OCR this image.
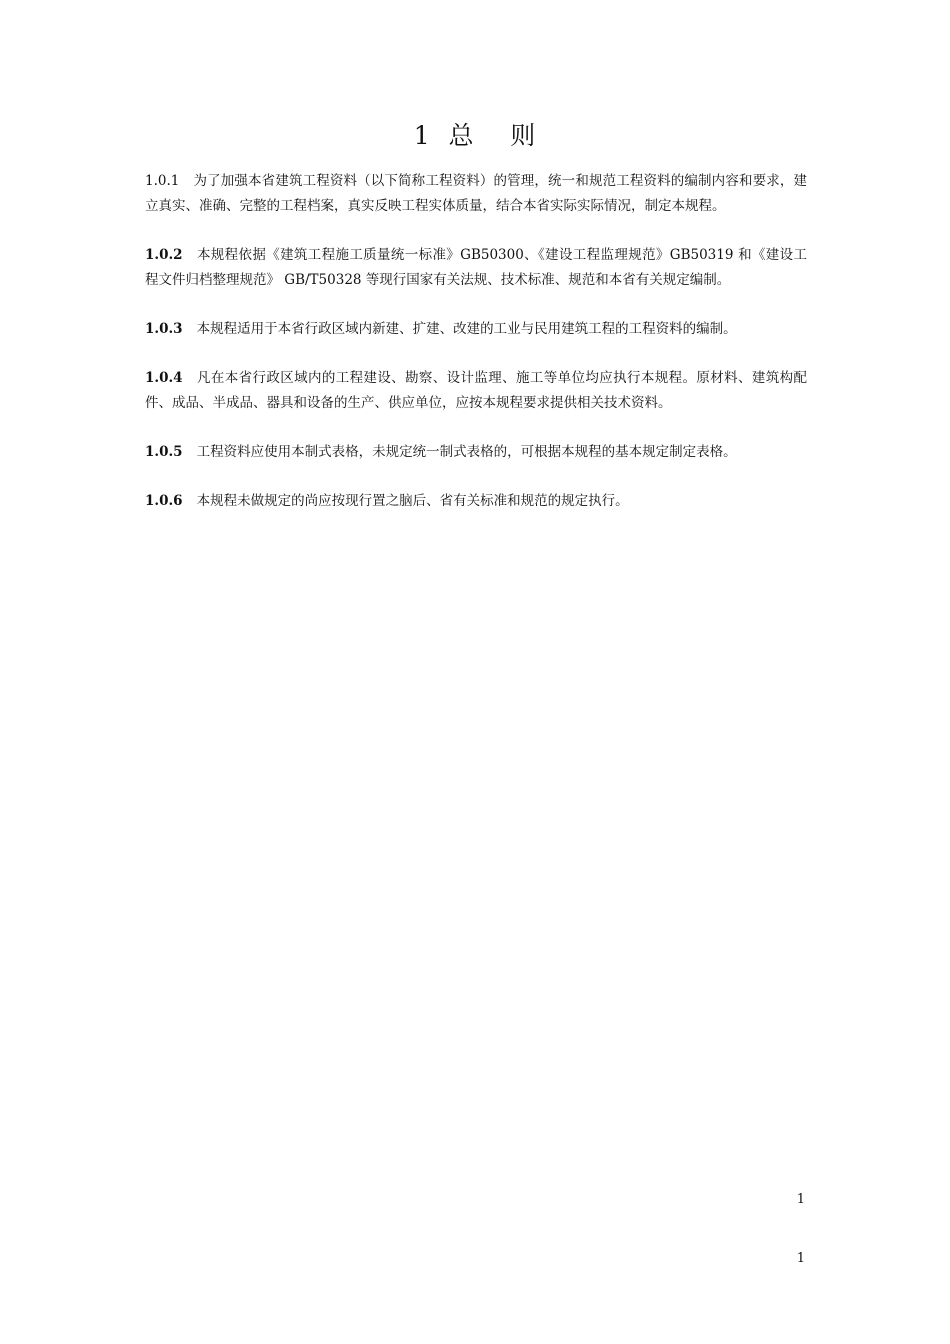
1  总    则

1.0.1 为了加强本省建筑工程资料（以下简称工程资料）的管理，统一和规范工程资料的编制内容和要求，建立真实、准确、完整的工程档案，真实反映工程实体质量，结合本省实际实际情况，制定本规程。

1.0.2 本规程依据《建筑工程施工质量统一标准》GB50300、《建设工程监理规范》GB50319 和《建设工程文件归档整理规范》 GB/T50328 等现行国家有关法规、技术标准、规范和本省有关规定编制。

1.0.3 本规程适用于本省行政区域内新建、扩建、改建的工业与民用建筑工程的工程资料的编制。

1.0.4 凡在本省行政区域内的工程建设、勘察、设计监理、施工等单位均应执行本规程。原材料、建筑构配件、成品、半成品、器具和设备的生产、供应单位，应按本规程要求提供相关技术资料。

1.0.5 工程资料应使用本制式表格，未规定统一制式表格的，可根据本规程的基本规定制定表格。

1.0.6 本规程未做规定的尚应按现行置之脑后、省有关标准和规范的规定执行。

1
1
